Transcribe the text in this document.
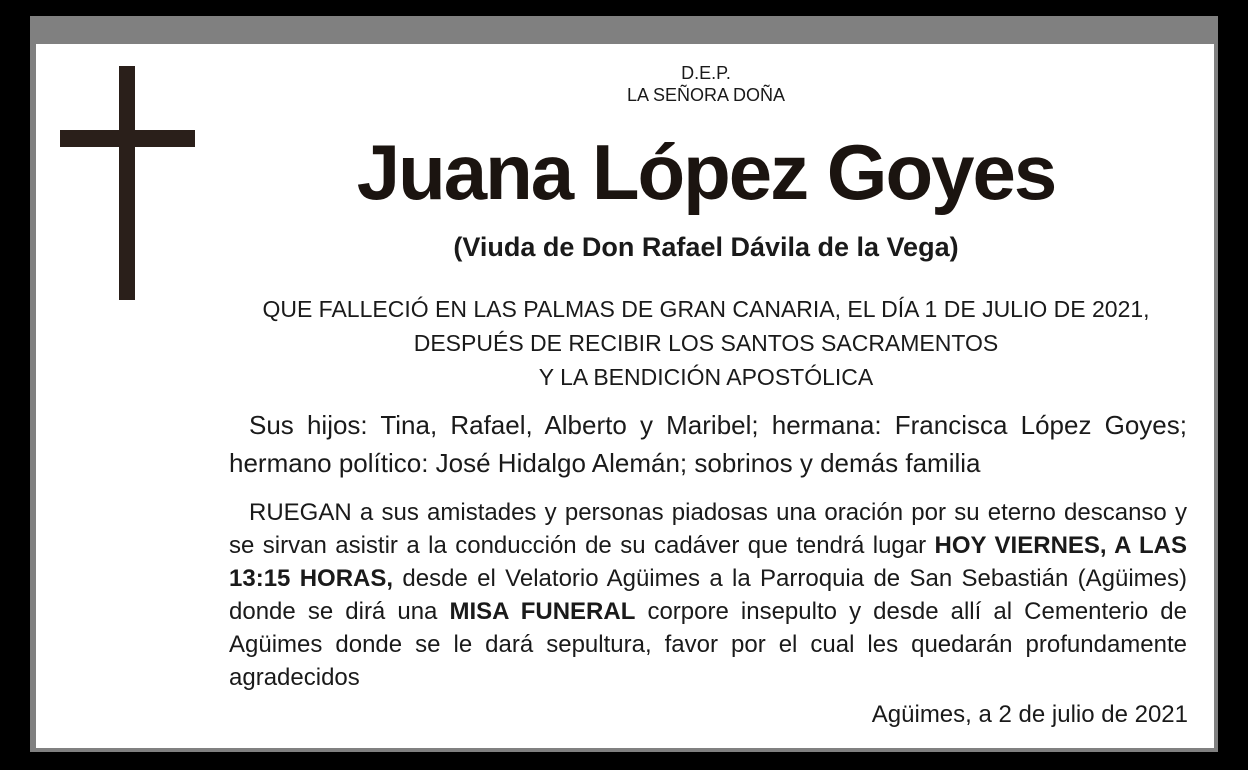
D.E.P.

LA SEÑORA DOÑA

Juana López Goyes

(Viuda de Don Rafael Dávila de la Vega)

QUE FALLECIÓ EN LAS PALMAS DE GRAN CANARIA, EL DÍA 1 DE JULIO DE 2021,
DESPUÉS DE RECIBIR LOS SANTOS SACRAMENTOS
Y LA BENDICIÓN APOSTÓLICA

Sus hijos: Tina, Rafael, Alberto y Maribel; hermana: Francisca López Goyes; hermano político: José Hidalgo Alemán; sobrinos y demás familia

RUEGAN a sus amistades y personas piadosas una oración por su eterno descanso y se sirvan asistir a la conducción de su cadáver que tendrá lugar HOY VIERNES, A LAS 13:15 HORAS, desde el Velatorio Agüimes a la Parroquia de San Sebastián (Agüimes) donde se dirá una MISA FUNERAL corpore insepulto y desde allí al Cementerio de Agüimes donde se le dará sepultura, favor por el cual les quedarán profundamente agradecidos

Agüimes, a 2 de julio de 2021
